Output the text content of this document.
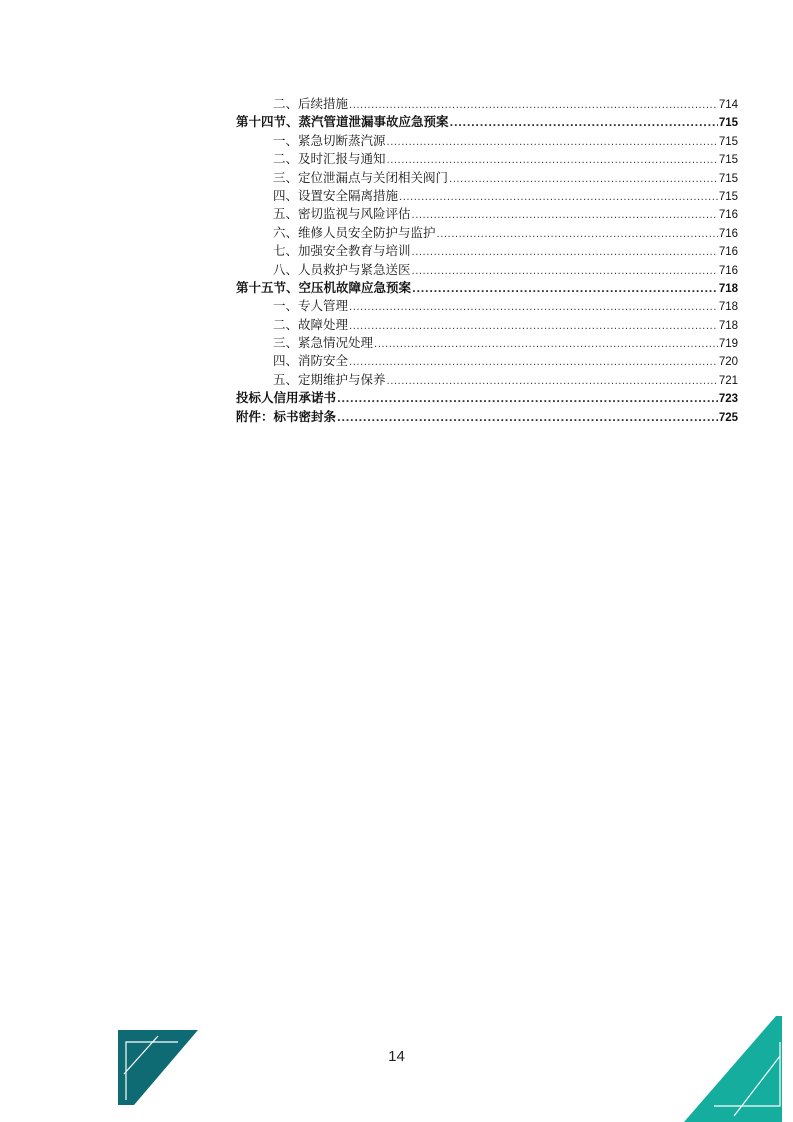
二、后续措施 .....	714
第十四节、蒸汽管道泄漏事故应急预案 .....	715
一、紧急切断蒸汽源 .....	715
二、及时汇报与通知 .....	715
三、定位泄漏点与关闭相关阀门 .....	715
四、设置安全隔离措施 .....	715
五、密切监视与风险评估 .....	716
六、维修人员安全防护与监护 .....	716
七、加强安全教育与培训 .....	716
八、人员救护与紧急送医 .....	716
第十五节、空压机故障应急预案 .....	718
一、专人管理 .....	718
二、故障处理 .....	718
三、紧急情况处理 .....	719
四、消防安全 .....	720
五、定期维护与保养 .....	721
投标人信用承诺书 .....	723
附件：标书密封条 .....	725
14
